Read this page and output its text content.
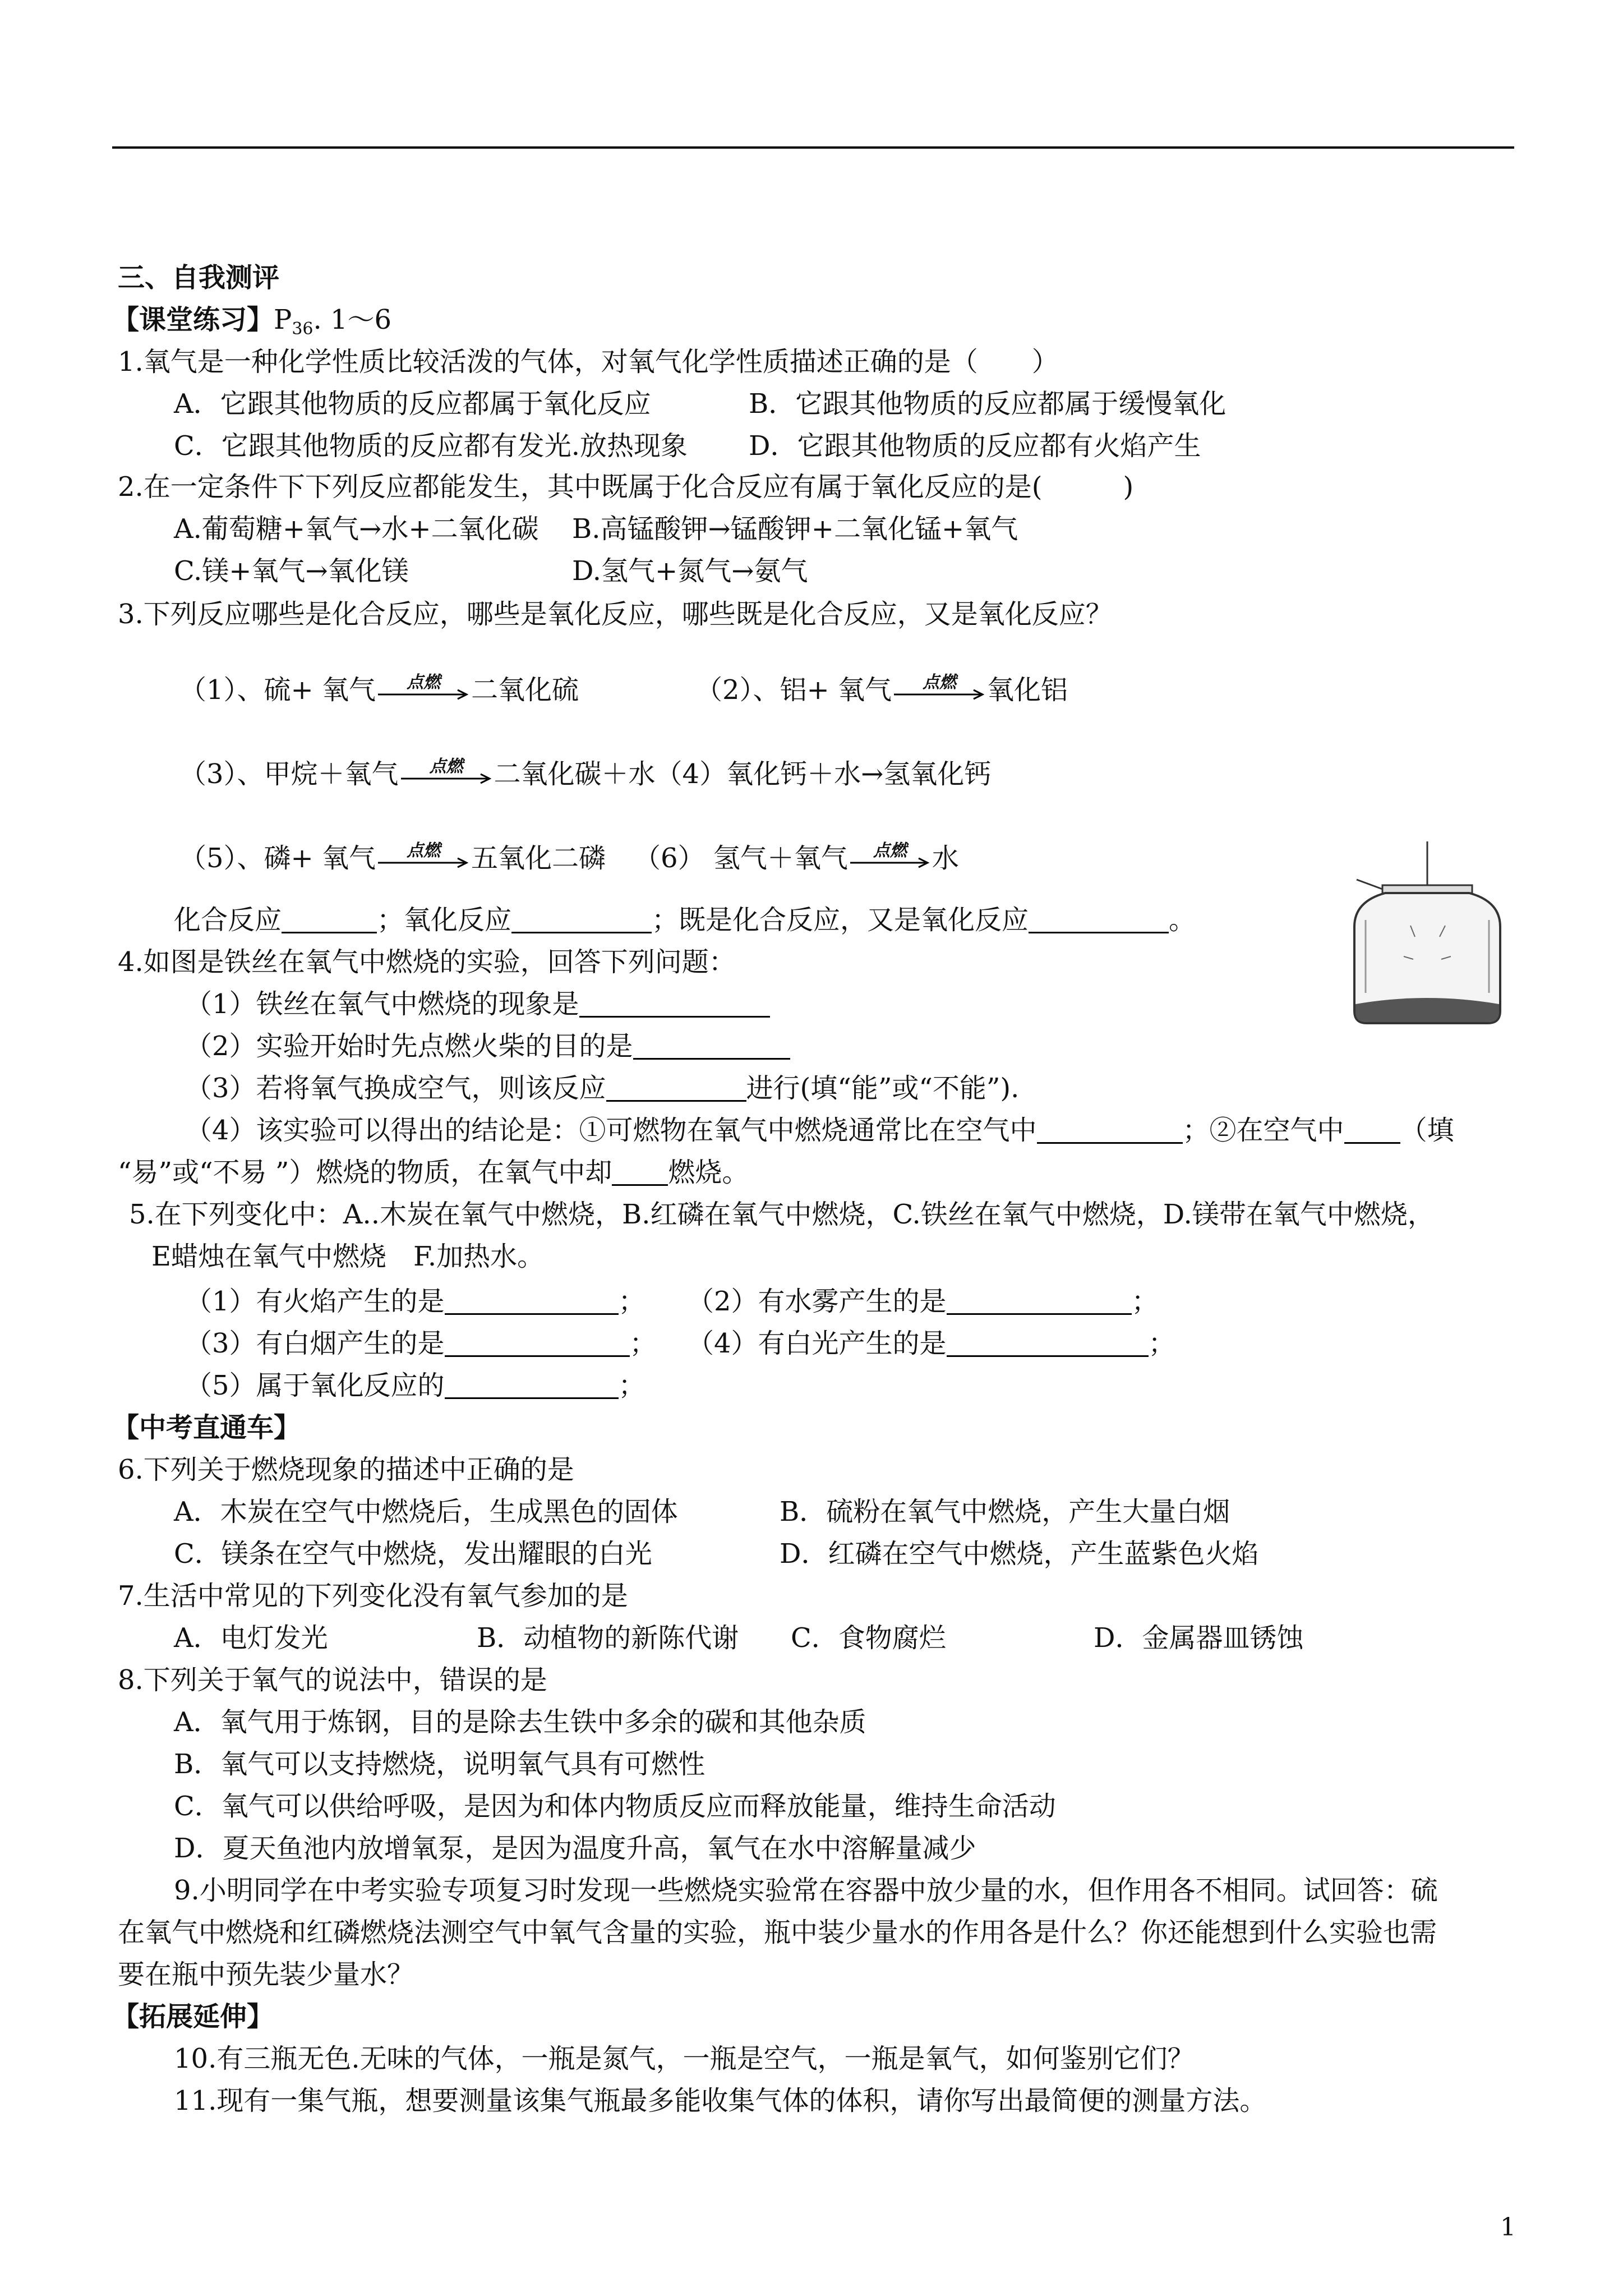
三、自我测评
【课堂练习】$P_{36}$. 1～6
1.氧气是一种化学性质比较活泼的气体，对氧气化学性质描述正确的是（　　）
A．它跟其他物质的反应都属于氧化反应	B．它跟其他物质的反应都属于缓慢氧化
C．它跟其他物质的反应都有发光.放热现象 D．它跟其他物质的反应都有火焰产生
2.在一定条件下下列反应都能发生，其中既属于化合反应有属于氧化反应的是(　　　)
A.葡萄糖+氧气→水+二氧化碳 B.高锰酸钾→锰酸钾+二氧化锰+氧气
C.镁+氧气→氧化镁	D.氢气+氮气→氨气
3.下列反应哪些是化合反应，哪些是氧化反应，哪些既是化合反应，又是氧化反应？
（1）、硫+ 氧气	点燃	二氧化硫	（2）、铝+ 氧气	点燃	氧化铝
（3）、甲烷＋氧气	点燃	二氧化碳＋水（4）氧化钙＋水→氢氧化钙
（5）、磷+ 氧气	点燃	五氧化二磷 （6） 氢气＋氧气	点燃 水
化合反应	；氧化反应	；既是化合反应，又是氧化反应	。
4.如图是铁丝在氧气中燃烧的实验，回答下列问题：
（1）铁丝在氧气中燃烧的现象是
（2）实验开始时先点燃火柴的目的是
（3）若将氧气换成空气，则该反应	进行(填“能”或“不能”).
（4）该实验可以得出的结论是：①可燃物在氧气中燃烧通常比在空气中	；②在空气中 （填
“易”或“不易 ”）燃烧的物质，在氧气中却 燃烧。
5.在下列变化中：A..木炭在氧气中燃烧，B.红磷在氧气中燃烧，C.铁丝在氧气中燃烧，D.镁带在氧气中燃烧，
E蜡烛在氧气中燃烧　F.加热水。
（1）有火焰产生的是	； （2）有水雾产生的是	；
（3）有白烟产生的是	； （4）有白光产生的是	；
（5）属于氧化反应的	；
【中考直通车】
6.下列关于燃烧现象的描述中正确的是
A．木炭在空气中燃烧后，生成黑色的固体	B．硫粉在氧气中燃烧，产生大量白烟
C．镁条在空气中燃烧，发出耀眼的白光	D．红磷在空气中燃烧，产生蓝紫色火焰
7.生活中常见的下列变化没有氧气参加的是
A．电灯发光	B．动植物的新陈代谢 C．食物腐烂	D．金属器皿锈蚀
8.下列关于氧气的说法中，错误的是
A．氧气用于炼钢，目的是除去生铁中多余的碳和其他杂质
B．氧气可以支持燃烧，说明氧气具有可燃性
C．氧气可以供给呼吸，是因为和体内物质反应而释放能量，维持生命活动
D．夏天鱼池内放增氧泵，是因为温度升高，氧气在水中溶解量减少
9.小明同学在中考实验专项复习时发现一些燃烧实验常在容器中放少量的水，但作用各不相同。试回答：硫
在氧气中燃烧和红磷燃烧法测空气中氧气含量的实验，瓶中装少量水的作用各是什么？你还能想到什么实验也需
要在瓶中预先装少量水？
【拓展延伸】
10.有三瓶无色.无味的气体，一瓶是氮气，一瓶是空气，一瓶是氧气，如何鉴别它们？
11.现有一集气瓶，想要测量该集气瓶最多能收集气体的体积，请你写出最简便的测量方法。
1
